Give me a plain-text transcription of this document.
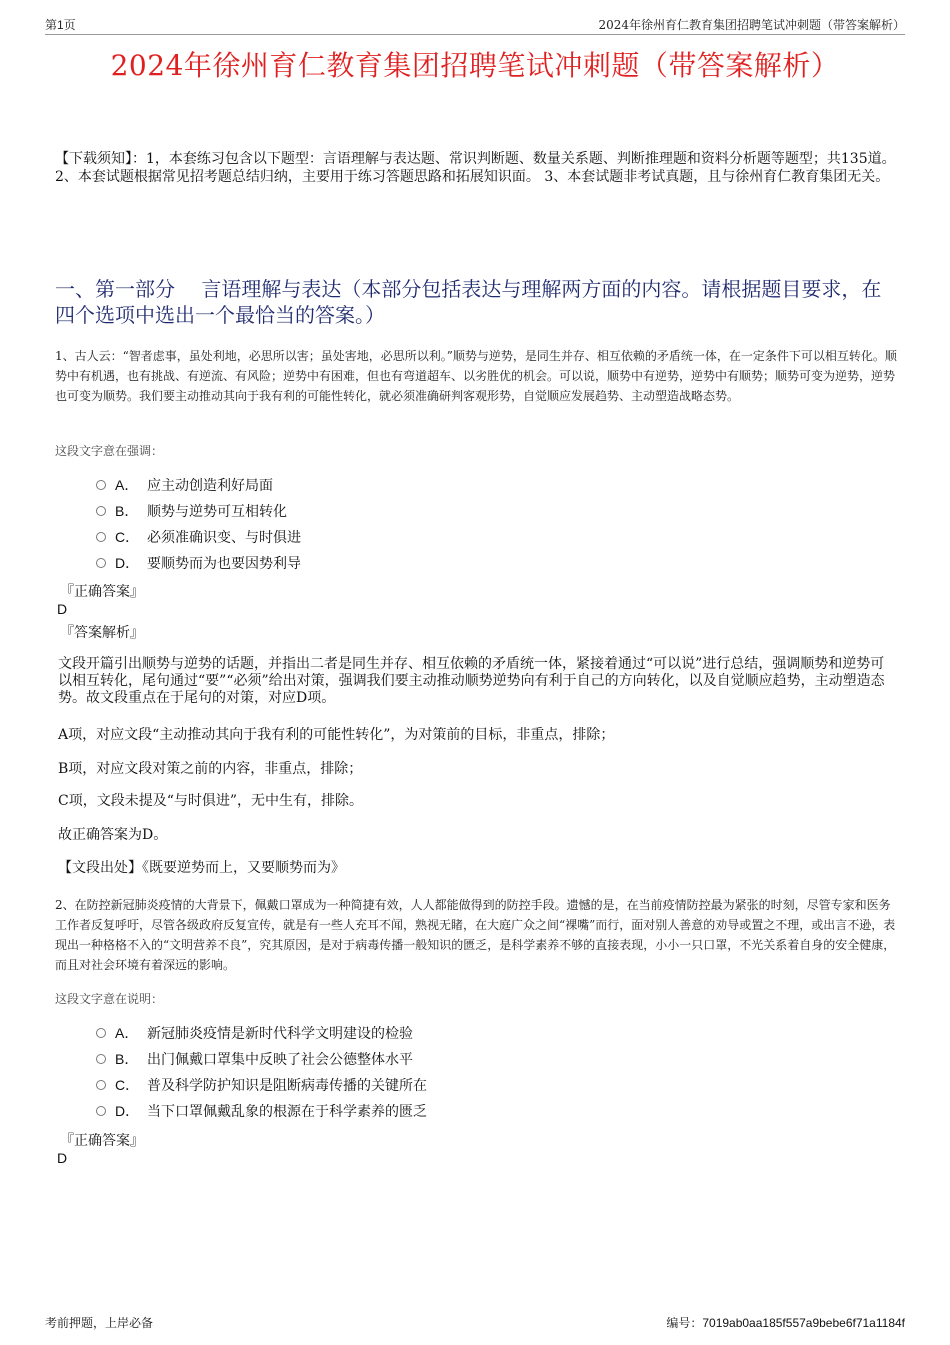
第1页	2024年徐州育仁教育集团招聘笔试冲刺题（带答案解析）
2024年徐州育仁教育集团招聘笔试冲刺题（带答案解析）
【下载须知】：1，本套练习包含以下题型：言语理解与表达题、常识判断题、数量关系题、判断推理题和资料分析题等题型；共135道。 2、本套试题根据常见招考题总结归纳，主要用于练习答题思路和拓展知识面。 3、本套试题非考试真题，且与徐州育仁教育集团无关。
一、第一部分　 言语理解与表达（本部分包括表达与理解两方面的内容。请根据题目要求，在四个选项中选出一个最恰当的答案。）
1、古人云：“智者虑事，虽处利地，必思所以害；虽处害地，必思所以利。”顺势与逆势，是同生并存、相互依赖的矛盾统一体，在一定条件下可以相互转化。顺势中有机遇，也有挑战、有逆流、有风险；逆势中有困难，但也有弯道超车、以劣胜优的机会。可以说，顺势中有逆势，逆势中有顺势；顺势可变为逆势，逆势也可变为顺势。我们要主动推动其向于我有利的可能性转化，就必须准确研判客观形势，自觉顺应发展趋势、主动塑造战略态势。
这段文字意在强调：
A． 应主动创造利好局面
B． 顺势与逆势可互相转化
C． 必须准确识变、与时俱进
D． 要顺势而为也要因势利导
『正确答案』
D
『答案解析』
文段开篇引出顺势与逆势的话题，并指出二者是同生并存、相互依赖的矛盾统一体，紧接着通过“可以说”进行总结，强调顺势和逆势可以相互转化，尾句通过“要”“必须”给出对策，强调我们要主动推动顺势逆势向有利于自己的方向转化，以及自觉顺应趋势，主动塑造态势。故文段重点在于尾句的对策，对应D项。
A项，对应文段“主动推动其向于我有利的可能性转化”，为对策前的目标，非重点，排除；
B项，对应文段对策之前的内容，非重点，排除；
C项，文段未提及“与时俱进”，无中生有，排除。
故正确答案为D。
【文段出处】《既要逆势而上，又要顺势而为》
2、在防控新冠肺炎疫情的大背景下，佩戴口罩成为一种简捷有效，人人都能做得到的防控手段。遗憾的是，在当前疫情防控最为紧张的时刻，尽管专家和医务工作者反复呼吁，尽管各级政府反复宣传，就是有一些人充耳不闻，熟视无睹，在大庭广众之间“裸嘴”而行，面对别人善意的劝导或置之不理，或出言不逊，表现出一种格格不入的“文明营养不良”，究其原因，是对于病毒传播一般知识的匮乏，是科学素养不够的直接表现，小小一只口罩，不光关系着自身的安全健康，而且对社会环境有着深远的影响。
这段文字意在说明：
A． 新冠肺炎疫情是新时代科学文明建设的检验
B． 出门佩戴口罩集中反映了社会公德整体水平
C． 普及科学防护知识是阻断病毒传播的关键所在
D． 当下口罩佩戴乱象的根源在于科学素养的匮乏
『正确答案』
D
考前押题，上岸必备	编号：7019ab0aa185f557a9bebe6f71a1184f
